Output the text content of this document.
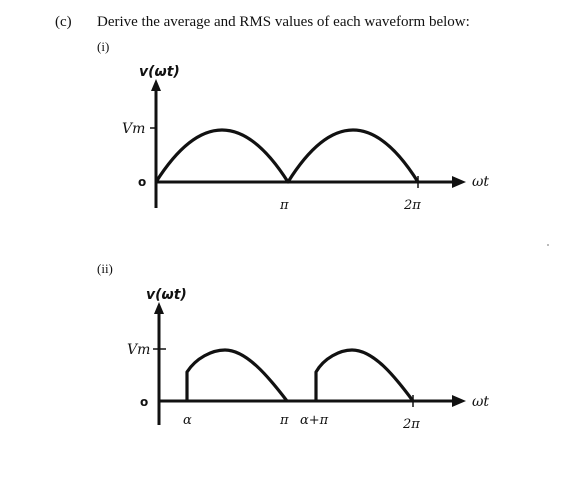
(c) Derive the average and RMS values of each waveform below:
(i)
(ii)
v(ωt)
Vm
o
π	2π
ωt
v(ωt)
Vm
o
α	π α+π	2π
ωt
